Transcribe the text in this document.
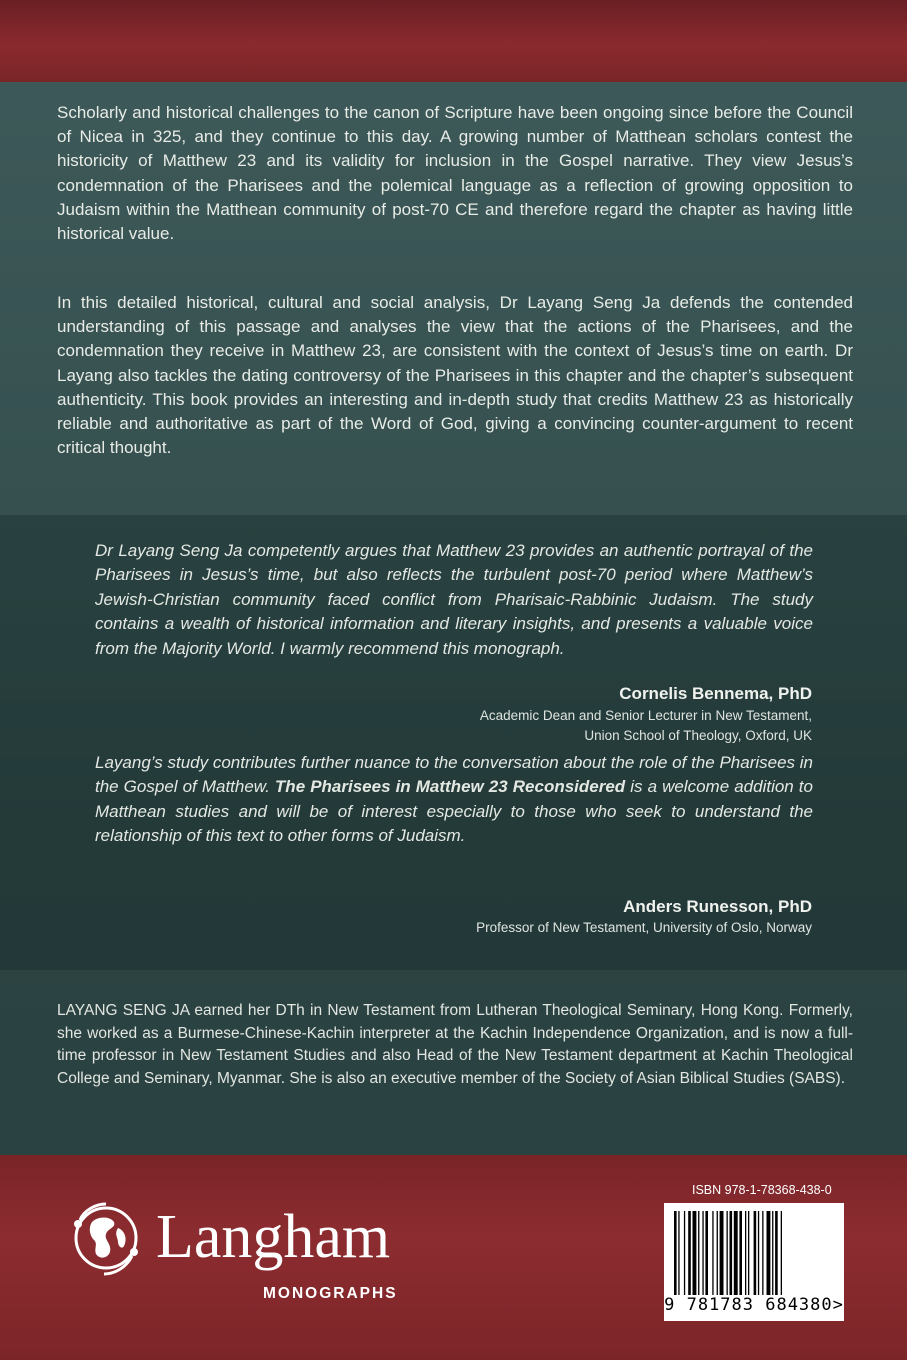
Scholarly and historical challenges to the canon of Scripture have been ongoing since before the Council of Nicea in 325, and they continue to this day. A growing number of Matthean scholars contest the historicity of Matthew 23 and its validity for inclusion in the Gospel narrative. They view Jesus’s condemnation of the Pharisees and the polemical language as a reflection of growing opposition to Judaism within the Matthean community of post-70 CE and therefore regard the chapter as having little historical value.

In this detailed historical, cultural and social analysis, Dr Layang Seng Ja defends the contended understanding of this passage and analyses the view that the actions of the Pharisees, and the condemnation they receive in Matthew 23, are consistent with the context of Jesus’s time on earth. Dr Layang also tackles the dating controversy of the Pharisees in this chapter and the chapter’s subsequent authenticity. This book provides an interesting and in-depth study that credits Matthew 23 as historically reliable and authoritative as part of the Word of God, giving a convincing counter-argument to recent critical thought.

Dr Layang Seng Ja competently argues that Matthew 23 provides an authentic portrayal of the Pharisees in Jesus’s time, but also reflects the turbulent post-70 period where Matthew’s Jewish-Christian community faced conflict from Pharisaic-Rabbinic Judaism. The study contains a wealth of historical information and literary insights, and presents a valuable voice from the Majority World. I warmly recommend this monograph.

Cornelis Bennema, PhD

Academic Dean and Senior Lecturer in New Testament,
Union School of Theology, Oxford, UK

Layang’s study contributes further nuance to the conversation about the role of the Pharisees in the Gospel of Matthew. The Pharisees in Matthew 23 Reconsidered is a welcome addition to Matthean studies and will be of interest especially to those who seek to understand the relationship of this text to other forms of Judaism.

Anders Runesson, PhD

Professor of New Testament, University of Oslo, Norway

LAYANG SENG JA earned her DTh in New Testament from Lutheran Theological Seminary, Hong Kong. Formerly, she worked as a Burmese-Chinese-Kachin interpreter at the Kachin Independence Organization, and is now a full-time professor in New Testament Studies and also Head of the New Testament department at Kachin Theological College and Seminary, Myanmar. She is also an executive member of the Society of Asian Biblical Studies (SABS).

Langham
MONOGRAPHS
ISBN 978-1-78368-438-0
9 781783 684380>
